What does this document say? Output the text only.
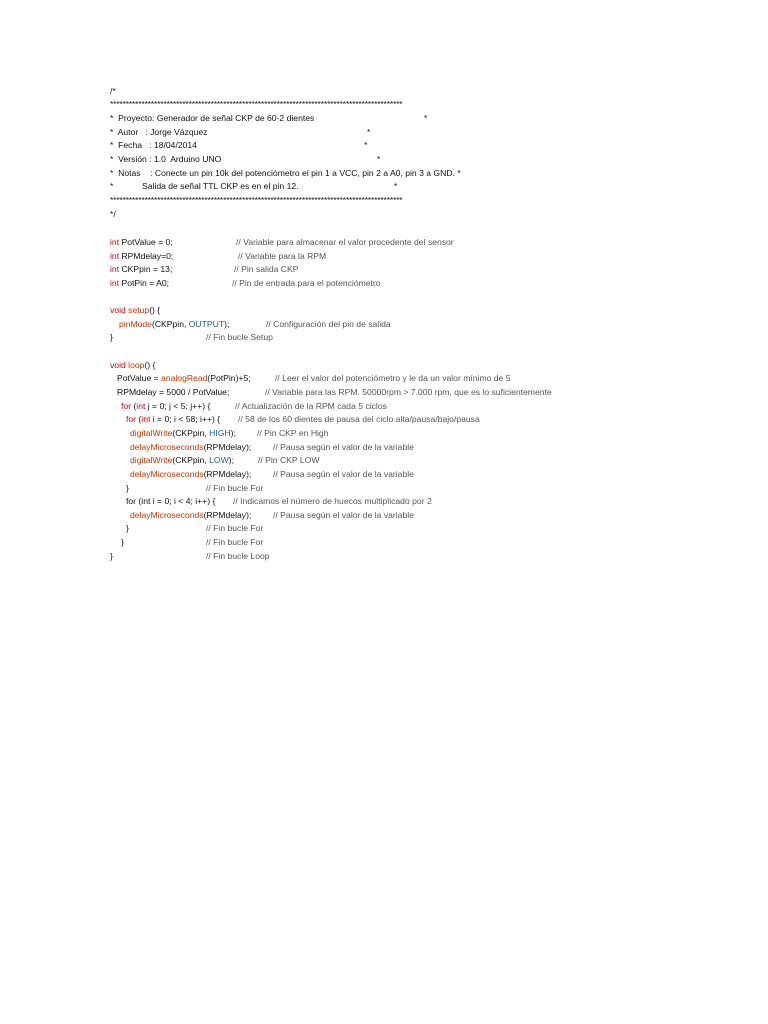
/*
*********************************************************************************************
*  Proyecto: Generador de señal CKP de 60-2 dientes	*
*  Autor   : Jorge Vázquez	*
*  Fecha   : 18/04/2014	*
*  Versión : 1.0  Arduino UNO	*
*  Notas    : Conecte un pin 10k del potenciómetro el pin 1 a VCC, pin 2 a A0, pin 3 a GND. *
*	Salida de señal TTL CKP es en el pin 12.	*
*********************************************************************************************
*/
int PotValue = 0;	// Variable para almacenar el valor procedente del sensor
int RPMdelay=0;	// Variable para la RPM
int CKPpin = 13;	// Pin salida CKP
int PotPin = A0;	// Pin de entrada para el potenciómetro
void setup() {
pinMode(CKPpin, OUTPUT);	// Configuración del pin de salida
}	// Fin bucle Setup
void loop() {
PotValue = analogRead(PotPin)+5;	// Leer el valor del potenciómetro y le da un valor mínimo de 5
RPMdelay = 5000 / PotValue;	// Variable para las RPM. 50000rpm > 7.000 rpm, que es lo suficientemente
for (int j = 0; j < 5; j++) {	// Actualización de la RPM cada 5 ciclos
for (int i = 0; i < 58; i++) { // 58 de los 60 dientes de pausa del ciclo alta/pausa/bajo/pausa
digitalWrite(CKPpin, HIGH); // Pin CKP en High
delayMicroseconds(RPMdelay);	// Pausa según el valor de la variable
digitalWrite(CKPpin, LOW);	// Pin CKP LOW
delayMicroseconds(RPMdelay);	// Pausa según el valor de la variable
}	// Fin bucle For
for (int i = 0; i < 4; i++) { // Indicamos el número de huecos multiplicado por 2
delayMicroseconds(RPMdelay);	// Pausa según el valor de la variable
}	// Fin bucle For
}	// Fin bucle For
}	// Fin bucle Loop
